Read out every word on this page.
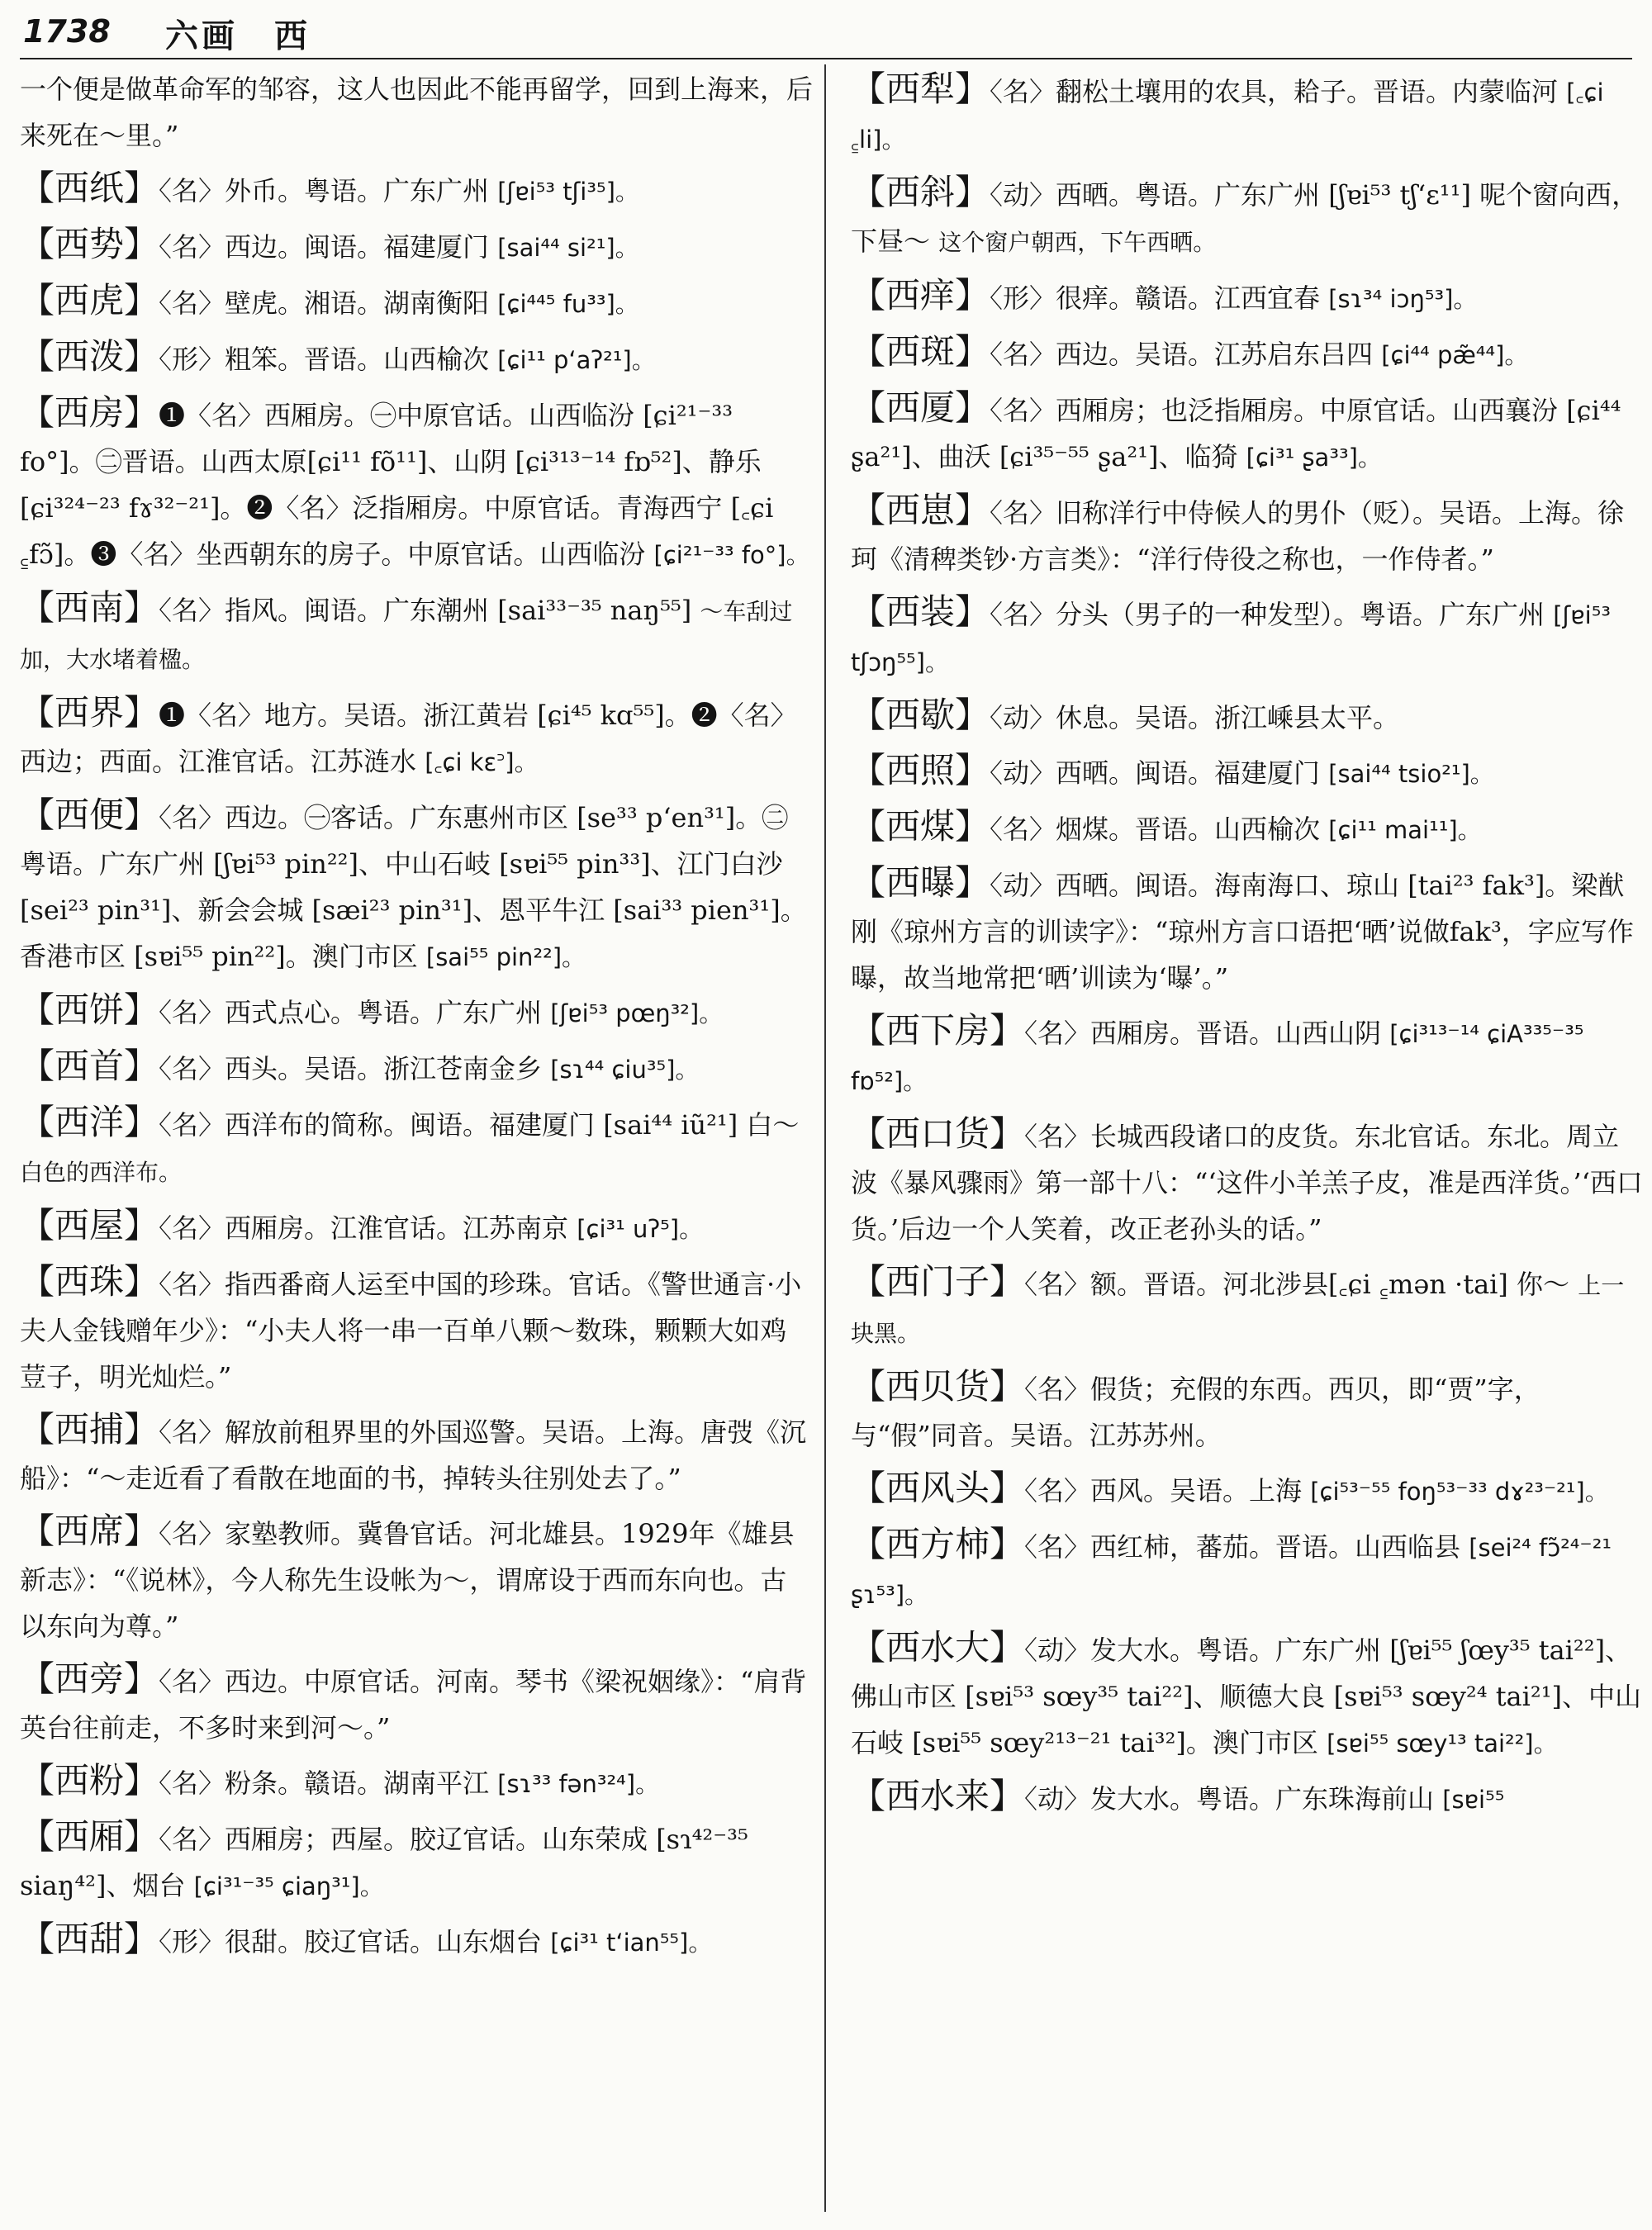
1738 六画　西
一个便是做革命军的邹容，这人也因此不能再留学，回到上海来，后来死在～里。”
【西纸】〈名〉外币。粤语。广东广州 [ʃɐi⁵³ tʃi³⁵]。
【西势】〈名〉西边。闽语。福建厦门 [sai⁴⁴ si²¹]。
【西虎】〈名〉壁虎。湘语。湖南衡阳 [ɕi⁴⁴⁵ fu³³]。
【西泼】〈形〉粗笨。晋语。山西榆次 [ɕi¹¹ pʻaʔ²¹]。
【西房】❶〈名〉西厢房。㊀中原官话。山西临汾 [ɕi²¹⁻³³ fo°]。㊁晋语。山西太原[ɕi¹¹ fõ¹¹]、山阴 [ɕi³¹³⁻¹⁴ fɒ⁵²]、静乐[ɕi³²⁴⁻²³ fɤ³²⁻²¹]。❷〈名〉泛指厢房。中原官话。青海西宁 [꜀ɕi ꜁fɔ̃]。❸〈名〉坐西朝东的房子。中原官话。山西临汾 [ɕi²¹⁻³³ fo°]。
【西南】〈名〉指风。闽语。广东潮州 [sai³³⁻³⁵ naŋ⁵⁵] ～车刮过加，大水堵着楹。
【西界】❶〈名〉地方。吴语。浙江黄岩 [ɕi⁴⁵ kɑ⁵⁵]。❷〈名〉西边；西面。江淮官话。江苏涟水 [꜀ɕi kɛ꜄]。
【西便】〈名〉西边。㊀客话。广东惠州市区 [se³³ pʻen³¹]。㊁粤语。广东广州 [ʃɐi⁵³ pin²²]、中山石岐 [sɐi⁵⁵ pin³³]、江门白沙 [sei²³ pin³¹]、新会会城 [sæi²³ pin³¹]、恩平牛江 [sai³³ pien³¹]。香港市区 [sɐi⁵⁵ pin²²]。澳门市区 [sai⁵⁵ pin²²]。
【西饼】〈名〉西式点心。粤语。广东广州 [ʃɐi⁵³ pœŋ³²]。
【西首】〈名〉西头。吴语。浙江苍南金乡 [sɿ⁴⁴ ɕiu³⁵]。
【西洋】〈名〉西洋布的简称。闽语。福建厦门 [sai⁴⁴ iũ²¹] 白～ 白色的西洋布。
【西屋】〈名〉西厢房。江淮官话。江苏南京 [ɕi³¹ uʔ⁵]。
【西珠】〈名〉指西番商人运至中国的珍珠。官话。《警世通言·小夫人金钱赠年少》：“小夫人将一串一百单八颗～数珠，颗颗大如鸡荳子，明光灿烂。”
【西捕】〈名〉解放前租界里的外国巡警。吴语。上海。唐弢《沉船》：“～走近看了看散在地面的书，掉转头往别处去了。”
【西席】〈名〉家塾教师。冀鲁官话。河北雄县。1929年《雄县新志》：“《说林》，今人称先生设帐为～，谓席设于西而东向也。古以东向为尊。”
【西旁】〈名〉西边。中原官话。河南。琴书《梁祝姻缘》：“肩背英台往前走，不多时来到河～。”
【西粉】〈名〉粉条。赣语。湖南平江 [sɿ³³ fən³²⁴]。
【西厢】〈名〉西厢房；西屋。胶辽官话。山东荣成 [sɿ⁴²⁻³⁵ siaŋ⁴²]、烟台 [ɕi³¹⁻³⁵ ɕiaŋ³¹]。
【西甜】〈形〉很甜。胶辽官话。山东烟台 [ɕi³¹ tʻian⁵⁵]。
【西犁】〈名〉翻松土壤用的农具，耠子。晋语。内蒙临河 [꜀ɕi ꜁li]。
【西斜】〈动〉西晒。粤语。广东广州 [ʃɐi⁵³ tʃʻɛ¹¹] 呢个窗向西，下昼～ 这个窗户朝西，下午西晒。
【西痒】〈形〉很痒。赣语。江西宜春 [sɿ³⁴ iɔŋ⁵³]。
【西斑】〈名〉西边。吴语。江苏启东吕四 [ɕi⁴⁴ pæ̃⁴⁴]。
【西厦】〈名〉西厢房；也泛指厢房。中原官话。山西襄汾 [ɕi⁴⁴ ʂa²¹]、曲沃 [ɕi³⁵⁻⁵⁵ ʂa²¹]、临猗 [ɕi³¹ ʂa³³]。
【西崽】〈名〉旧称洋行中侍候人的男仆（贬）。吴语。上海。徐珂《清稗类钞·方言类》：“洋行侍役之称也，一作侍者。”
【西装】〈名〉分头（男子的一种发型）。粤语。广东广州 [ʃɐi⁵³ tʃɔŋ⁵⁵]。
【西歇】〈动〉休息。吴语。浙江嵊县太平。
【西照】〈动〉西晒。闽语。福建厦门 [sai⁴⁴ tsio²¹]。
【西煤】〈名〉烟煤。晋语。山西榆次 [ɕi¹¹ mai¹¹]。
【西曝】〈动〉西晒。闽语。海南海口、琼山 [tai²³ fak³]。梁猷刚《琼州方言的训读字》：“琼州方言口语把‘晒’说做fak³，字应写作曝，故当地常把‘晒’训读为‘曝’。”
【西下房】〈名〉西厢房。晋语。山西山阴 [ɕi³¹³⁻¹⁴ ɕiA³³⁵⁻³⁵ fɒ⁵²]。
【西口货】〈名〉长城西段诸口的皮货。东北官话。东北。周立波《暴风骤雨》第一部十八：“‘这件小羊羔子皮，准是西洋货。’‘西口货。’后边一个人笑着，改正老孙头的话。”
【西门子】〈名〉额。晋语。河北涉县[꜀ɕi ꜁mən ·tai] 你～ 上一块黑。
【西贝货】〈名〉假货；充假的东西。西贝，即“贾”字，与“假”同音。吴语。江苏苏州。
【西风头】〈名〉西风。吴语。上海 [ɕi⁵³⁻⁵⁵ foŋ⁵³⁻³³ dɤ²³⁻²¹]。
【西方柿】〈名〉西红柿，蕃茄。晋语。山西临县 [sei²⁴ fɔ̃²⁴⁻²¹ ʂɿ⁵³]。
【西水大】〈动〉发大水。粤语。广东广州 [ʃɐi⁵⁵ ʃœy³⁵ tai²²]、佛山市区 [sɐi⁵³ sœy³⁵ tai²²]、顺德大良 [sɐi⁵³ sœy²⁴ tai²¹]、中山石岐 [sɐi⁵⁵ sœy²¹³⁻²¹ tai³²]。澳门市区 [sɐi⁵⁵ sœy¹³ tai²²]。
【西水来】〈动〉发大水。粤语。广东珠海前山 [sɐi⁵⁵
